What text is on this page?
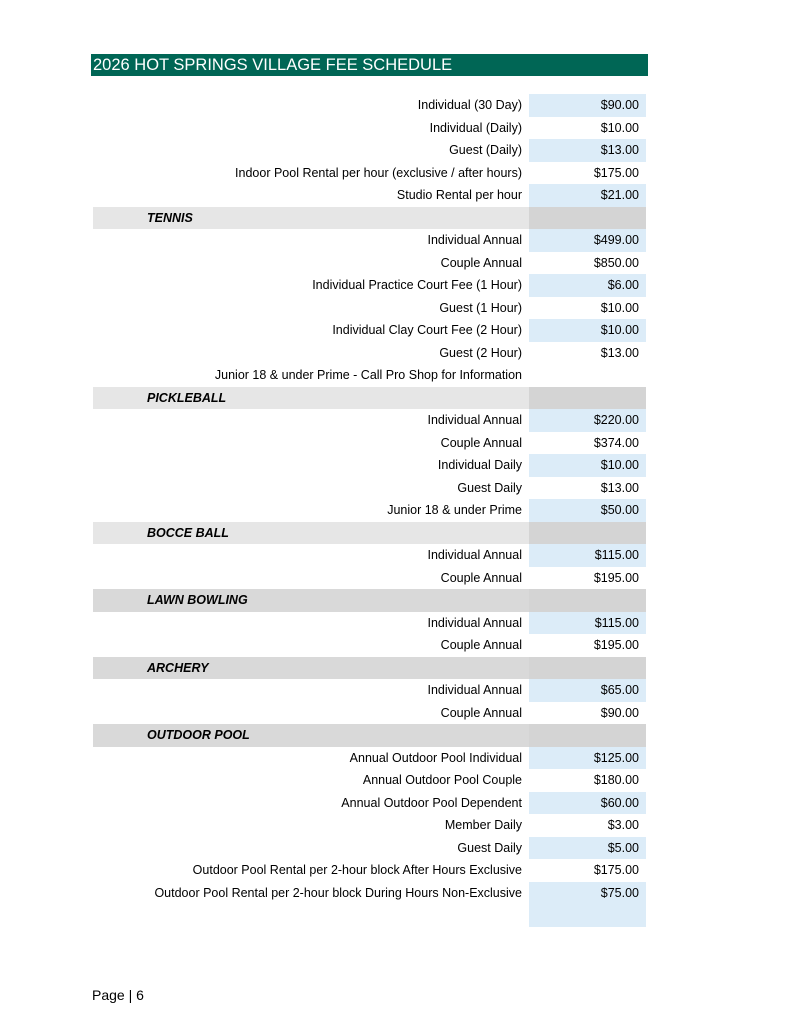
2026 HOT SPRINGS VILLAGE FEE SCHEDULE
Individual (30 Day)	$90.00
Individual (Daily)	$10.00
Guest (Daily)	$13.00
Indoor Pool Rental per hour (exclusive / after hours)	$175.00
Studio Rental per hour	$21.00
TENNIS
Individual Annual	$499.00
Couple Annual	$850.00
Individual Practice Court Fee (1 Hour)	$6.00
Guest (1 Hour)	$10.00
Individual Clay Court Fee (2 Hour)	$10.00
Guest (2 Hour)	$13.00
Junior 18 & under Prime - Call Pro Shop for Information
PICKLEBALL
Individual Annual	$220.00
Couple Annual	$374.00
Individual Daily	$10.00
Guest Daily	$13.00
Junior 18 & under Prime	$50.00
BOCCE BALL
Individual Annual	$115.00
Couple Annual	$195.00
LAWN BOWLING
Individual Annual	$115.00
Couple Annual	$195.00
ARCHERY
Individual Annual	$65.00
Couple Annual	$90.00
OUTDOOR POOL
Annual Outdoor Pool Individual	$125.00
Annual Outdoor Pool Couple	$180.00
Annual Outdoor Pool Dependent	$60.00
Member Daily	$3.00
Guest Daily	$5.00
Outdoor Pool Rental per 2-hour block After Hours Exclusive	$175.00
Outdoor Pool Rental per 2-hour block During Hours Non-Exclusive	$75.00
Page | 6
